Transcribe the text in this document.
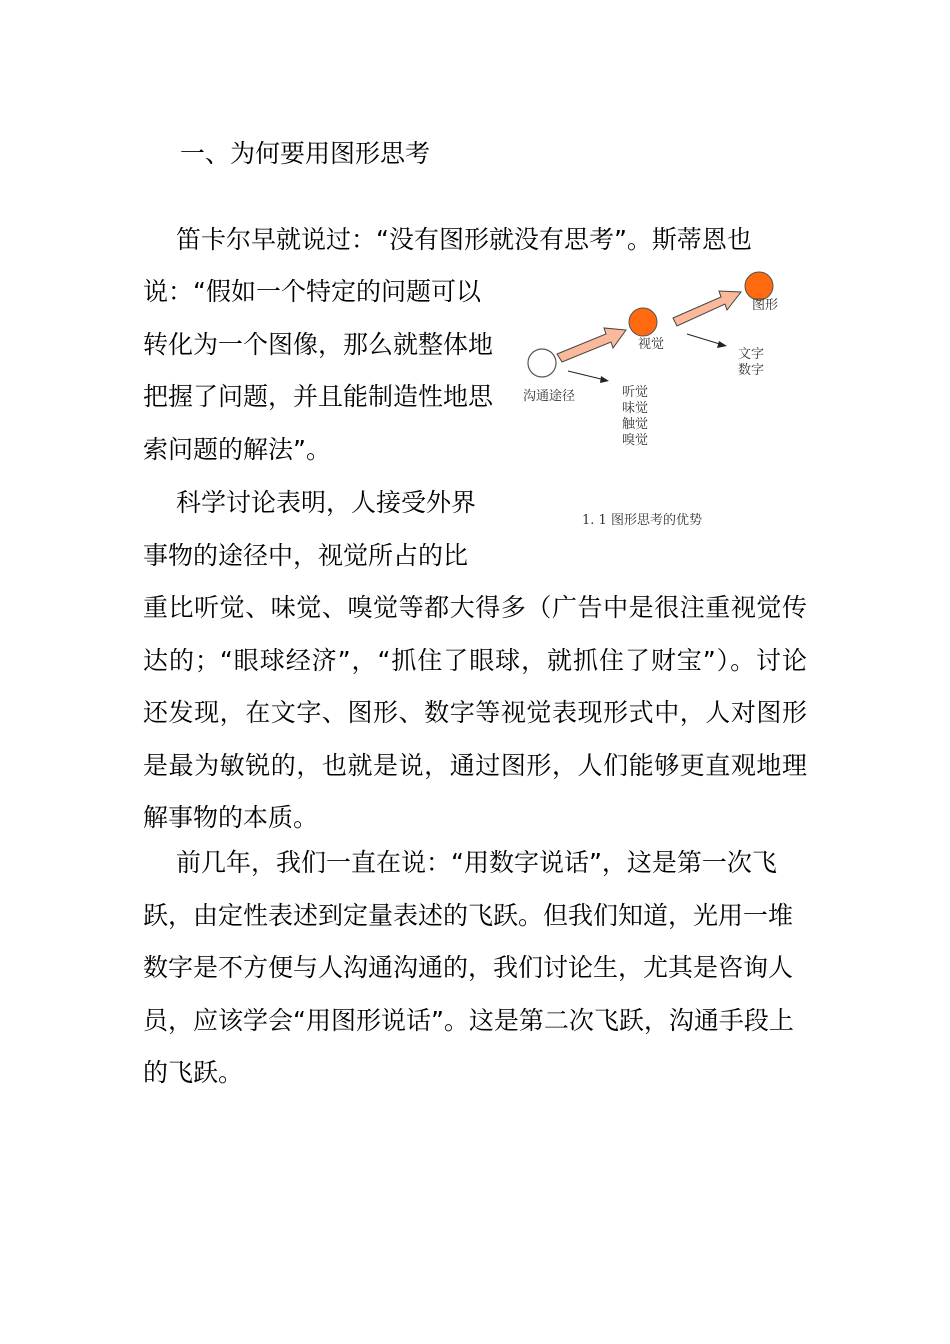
一、为何要用图形思考
笛卡尔早就说过：“没有图形就没有思考”。斯蒂恩也
说：“假如一个特定的问题可以转化为一个图像，那么就整体地把握了问题，并且能制造性地思索问题的解法”。
科学讨论表明，人接受外界事物的途径中，视觉所占的比
重比听觉、味觉、嗅觉等都大得多（广告中是很注重视觉传达的；“眼球经济”，“抓住了眼球，就抓住了财宝”）。讨论还发现，在文字、图形、数字等视觉表现形式中，人对图形是最为敏锐的，也就是说，通过图形，人们能够更直观地理解事物的本质。
前几年，我们一直在说：“用数字说话”，这是第一次飞跃，由定性表述到定量表述的飞跃。但我们知道，光用一堆数字是不方便与人沟通沟通的，我们讨论生，尤其是咨询人员，应该学会“用图形说话”。这是第二次飞跃，沟通手段上的飞跃。
沟通途径
视觉
图形
听觉
味觉
触觉
嗅觉
文字
数字
1. 1 图形思考的优势
